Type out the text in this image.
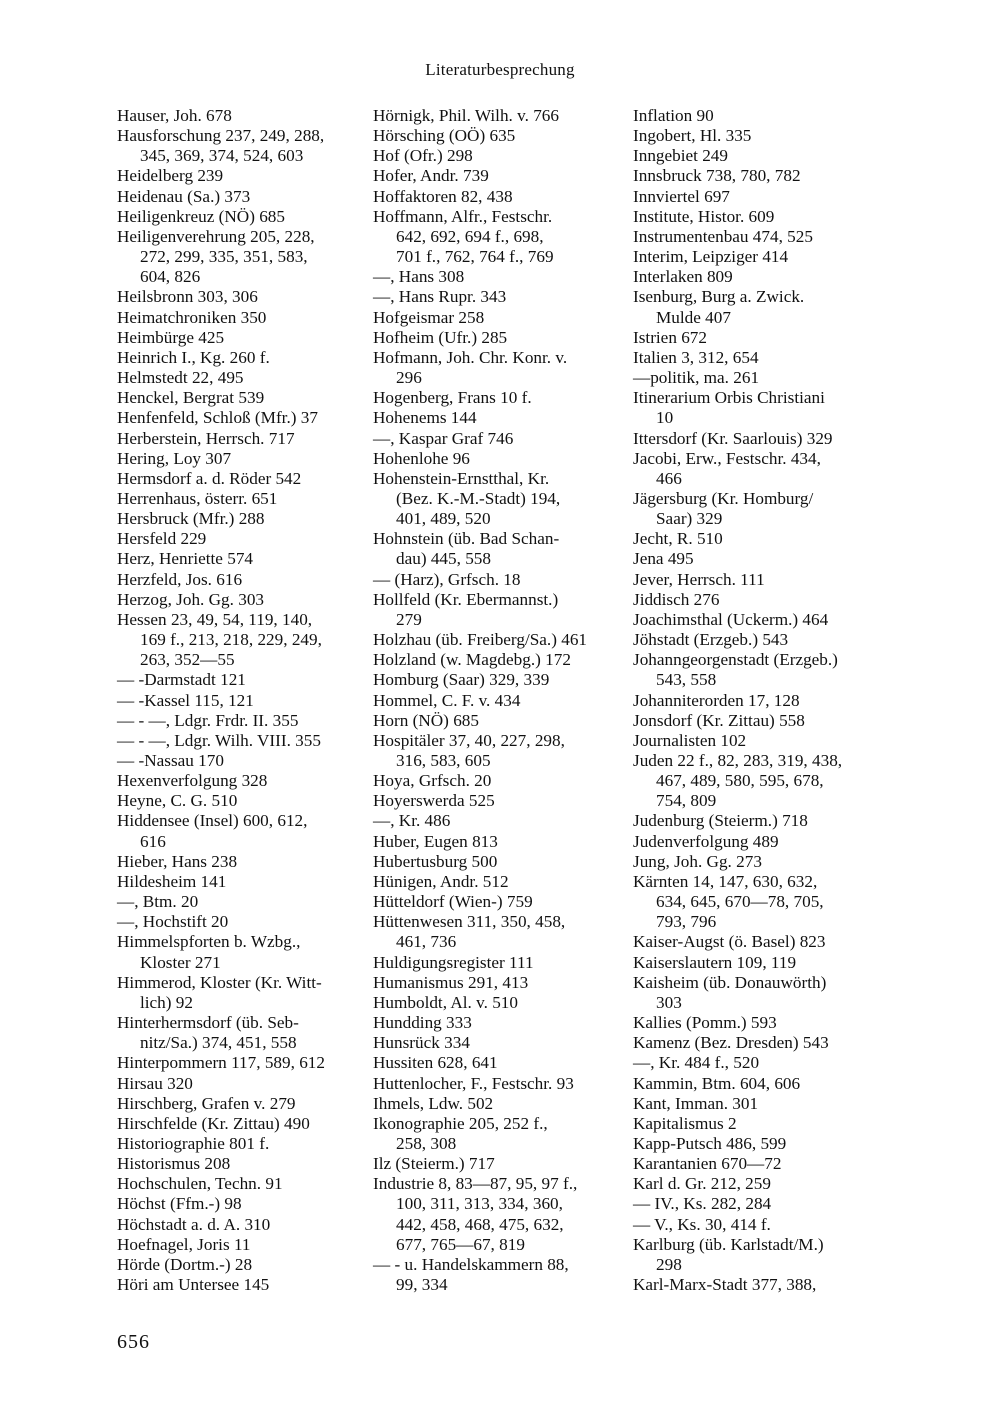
Literaturbesprechung
Hauser, Joh. 678
Hausforschung 237, 249, 288,
345, 369, 374, 524, 603
Heidelberg 239
Heidenau (Sa.) 373
Heiligenkreuz (NÖ) 685
Heiligenverehrung 205, 228,
272, 299, 335, 351, 583,
604, 826
Heilsbronn 303, 306
Heimatchroniken 350
Heimbürge 425
Heinrich I., Kg. 260 f.
Helmstedt 22, 495
Henckel, Bergrat 539
Henfenfeld, Schloß (Mfr.) 37
Herberstein, Herrsch. 717
Hering, Loy 307
Hermsdorf a. d. Röder 542
Herrenhaus, österr. 651
Hersbruck (Mfr.) 288
Hersfeld 229
Herz, Henriette 574
Herzfeld, Jos. 616
Herzog, Joh. Gg. 303
Hessen 23, 49, 54, 119, 140,
169 f., 213, 218, 229, 249,
263, 352—55
— -Darmstadt 121
— -Kassel 115, 121
— - —, Ldgr. Frdr. II. 355
— - —, Ldgr. Wilh. VIII. 355
— -Nassau 170
Hexenverfolgung 328
Heyne, C. G. 510
Hiddensee (Insel) 600, 612,
616
Hieber, Hans 238
Hildesheim 141
—, Btm. 20
—, Hochstift 20
Himmelspforten b. Wzbg.,
Kloster 271
Himmerod, Kloster (Kr. Witt-
lich) 92
Hinterhermsdorf (üb. Seb-
nitz/Sa.) 374, 451, 558
Hinterpommern 117, 589, 612
Hirsau 320
Hirschberg, Grafen v. 279
Hirschfelde (Kr. Zittau) 490
Historiographie 801 f.
Historismus 208
Hochschulen, Techn. 91
Höchst (Ffm.-) 98
Höchstadt a. d. A. 310
Hoefnagel, Joris 11
Hörde (Dortm.-) 28
Höri am Untersee 145
Hörnigk, Phil. Wilh. v. 766
Hörsching (OÖ) 635
Hof (Ofr.) 298
Hofer, Andr. 739
Hoffaktoren 82, 438
Hoffmann, Alfr., Festschr.
642, 692, 694 f., 698,
701 f., 762, 764 f., 769
—, Hans 308
—, Hans Rupr. 343
Hofgeismar 258
Hofheim (Ufr.) 285
Hofmann, Joh. Chr. Konr. v.
296
Hogenberg, Frans 10 f.
Hohenems 144
—, Kaspar Graf 746
Hohenlohe 96
Hohenstein-Ernstthal, Kr.
(Bez. K.-M.-Stadt) 194,
401, 489, 520
Hohnstein (üb. Bad Schan-
dau) 445, 558
— (Harz), Grfsch. 18
Hollfeld (Kr. Ebermannst.)
279
Holzhau (üb. Freiberg/Sa.) 461
Holzland (w. Magdebg.) 172
Homburg (Saar) 329, 339
Hommel, C. F. v. 434
Horn (NÖ) 685
Hospitäler 37, 40, 227, 298,
316, 583, 605
Hoya, Grfsch. 20
Hoyerswerda 525
—, Kr. 486
Huber, Eugen 813
Hubertusburg 500
Hünigen, Andr. 512
Hütteldorf (Wien-) 759
Hüttenwesen 311, 350, 458,
461, 736
Huldigungsregister 111
Humanismus 291, 413
Humboldt, Al. v. 510
Hundding 333
Hunsrück 334
Hussiten 628, 641
Huttenlocher, F., Festschr. 93
Ihmels, Ldw. 502
Ikonographie 205, 252 f.,
258, 308
Ilz (Steierm.) 717
Industrie 8, 83—87, 95, 97 f.,
100, 311, 313, 334, 360,
442, 458, 468, 475, 632,
677, 765—67, 819
— - u. Handelskammern 88,
99, 334
Inflation 90
Ingobert, Hl. 335
Inngebiet 249
Innsbruck 738, 780, 782
Innviertel 697
Institute, Histor. 609
Instrumentenbau 474, 525
Interim, Leipziger 414
Interlaken 809
Isenburg, Burg a. Zwick.
Mulde 407
Istrien 672
Italien 3, 312, 654
—politik, ma. 261
Itinerarium Orbis Christiani
10
Ittersdorf (Kr. Saarlouis) 329
Jacobi, Erw., Festschr. 434,
466
Jägersburg (Kr. Homburg/
Saar) 329
Jecht, R. 510
Jena 495
Jever, Herrsch. 111
Jiddisch 276
Joachimsthal (Uckerm.) 464
Jöhstadt (Erzgeb.) 543
Johanngeorgenstadt (Erzgeb.)
543, 558
Johanniterorden 17, 128
Jonsdorf (Kr. Zittau) 558
Journalisten 102
Juden 22 f., 82, 283, 319, 438,
467, 489, 580, 595, 678,
754, 809
Judenburg (Steierm.) 718
Judenverfolgung 489
Jung, Joh. Gg. 273
Kärnten 14, 147, 630, 632,
634, 645, 670—78, 705,
793, 796
Kaiser-Augst (ö. Basel) 823
Kaiserslautern 109, 119
Kaisheim (üb. Donauwörth)
303
Kallies (Pomm.) 593
Kamenz (Bez. Dresden) 543
—, Kr. 484 f., 520
Kammin, Btm. 604, 606
Kant, Imman. 301
Kapitalismus 2
Kapp-Putsch 486, 599
Karantanien 670—72
Karl d. Gr. 212, 259
— IV., Ks. 282, 284
— V., Ks. 30, 414 f.
Karlburg (üb. Karlstadt/M.)
298
Karl-Marx-Stadt 377, 388,
656
